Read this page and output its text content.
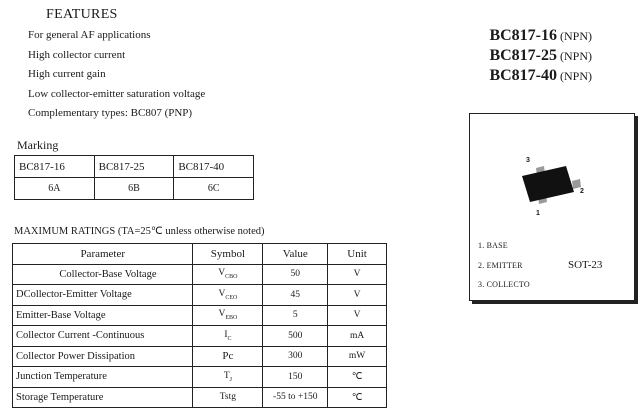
FEATURES
For general AF applications
High collector current
High current gain
Low collector-emitter saturation voltage
Complementary types: BC807 (PNP)
BC817-16 (NPN)
BC817-25 (NPN)
BC817-40 (NPN)
Marking
BC817-16	BC817-25	BC817-40
6A	6B	6C
MAXIMUM RATINGS (TA=25℃ unless otherwise noted)
Parameter	Symbol	Value	Unit
Collector-Base Voltage	$V_{CBO}$	50	V
DCollector-Emitter Voltage	$V_{CEO}$	45	V
Emitter-Base Voltage	$V_{EBO}$	5	V
Collector Current -Continuous	$I_C$	500	mA
Collector Power Dissipation	Pc	300	mW
Junction Temperature	$T_J$	150	℃
Storage Temperature	Tstg	-55 to +150	℃
3
2
1
1. BASE
2. EMITTER
3. COLLECTO
SOT-23
